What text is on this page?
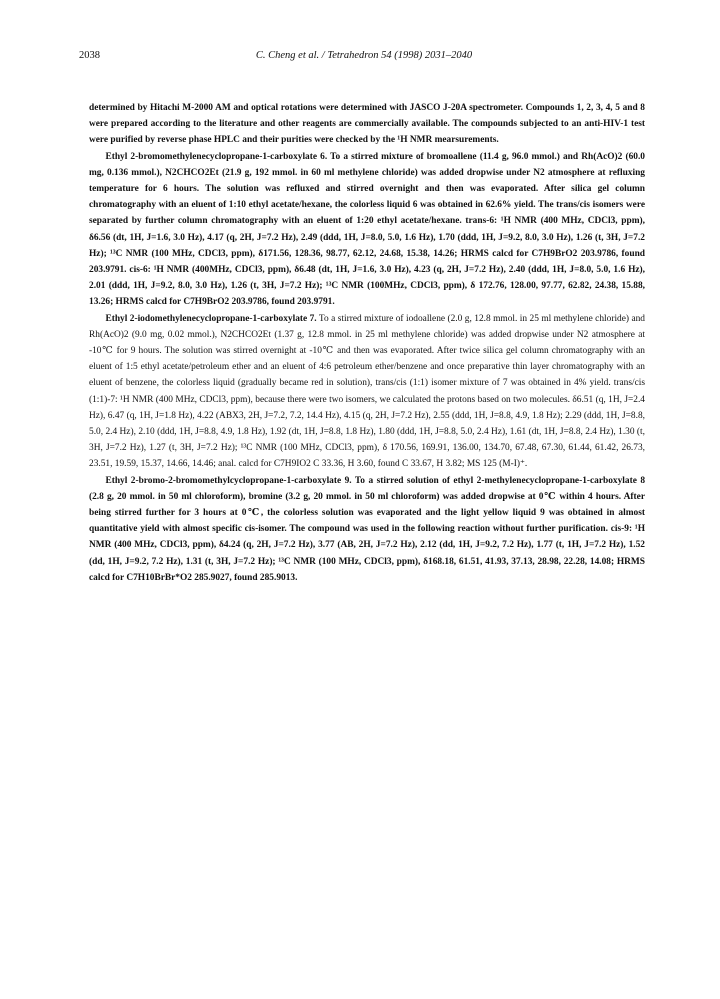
2038	C. Cheng et al. / Tetrahedron 54 (1998) 2031–2040

determined by Hitachi M-2000 AM and optical rotations were determined with JASCO J-20A spectrometer. Compounds 1, 2, 3, 4, 5 and 8 were prepared according to the literature and other reagents are commercially available. The compounds subjected to an anti-HIV-1 test were purified by reverse phase HPLC and their purities were checked by the ¹H NMR mearsurements.

Ethyl 2-bromomethylenecyclopropane-1-carboxylate 6. To a stirred mixture of bromoallene (11.4 g, 96.0 mmol.) and Rh(AcO)2 (60.0 mg, 0.136 mmol.), N2CHCO2Et (21.9 g, 192 mmol. in 60 ml methylene chloride) was added dropwise under N2 atmosphere at refluxing temperature for 6 hours. The solution was refluxed and stirred overnight and then was evaporated. After silica gel column chromatography with an eluent of 1:10 ethyl acetate/hexane, the colorless liquid 6 was obtained in 62.6% yield. The trans/cis isomers were separated by further column chromatography with an eluent of 1:20 ethyl acetate/hexane. trans-6: ¹H NMR (400 MHz, CDCl3, ppm), δ6.56 (dt, 1H, J=1.6, 3.0 Hz), 4.17 (q, 2H, J=7.2 Hz), 2.49 (ddd, 1H, J=8.0, 5.0, 1.6 Hz), 1.70 (ddd, 1H, J=9.2, 8.0, 3.0 Hz), 1.26 (t, 3H, J=7.2 Hz); ¹³C NMR (100 MHz, CDCl3, ppm), δ171.56, 128.36, 98.77, 62.12, 24.68, 15.38, 14.26; HRMS calcd for C7H9BrO2 203.9786, found 203.9791. cis-6: ¹H NMR (400MHz, CDCl3, ppm), δ6.48 (dt, 1H, J=1.6, 3.0 Hz), 4.23 (q, 2H, J=7.2 Hz), 2.40 (ddd, 1H, J=8.0, 5.0, 1.6 Hz), 2.01 (ddd, 1H, J=9.2, 8.0, 3.0 Hz), 1.26 (t, 3H, J=7.2 Hz); ¹³C NMR (100MHz, CDCl3, ppm), δ 172.76, 128.00, 97.77, 62.82, 24.38, 15.88, 13.26; HRMS calcd for C7H9BrO2 203.9786, found 203.9791.

Ethyl 2-iodomethylenecyclopropane-1-carboxylate 7. To a stirred mixture of iodoallene (2.0 g, 12.8 mmol. in 25 ml methylene chloride) and Rh(AcO)2 (9.0 mg, 0.02 mmol.), N2CHCO2Et (1.37 g, 12.8 mmol. in 25 ml methylene chloride) was added dropwise under N2 atmosphere at -10℃ for 9 hours. The solution was stirred overnight at -10℃ and then was evaporated. After twice silica gel column chromatography with an eluent of 1:5 ethyl acetate/petroleum ether and an eluent of 4:6 petroleum ether/benzene and once preparative thin layer chromatography with an eluent of benzene, the colorless liquid (gradually became red in solution), trans/cis (1:1) isomer mixture of 7 was obtained in 4% yield. trans/cis (1:1)-7: ¹H NMR (400 MHz, CDCl3, ppm), because there were two isomers, we calculated the protons based on two molecules. δ6.51 (q, 1H, J=2.4 Hz), 6.47 (q, 1H, J=1.8 Hz), 4.22 (ABX3, 2H, J=7.2, 7.2, 14.4 Hz), 4.15 (q, 2H, J=7.2 Hz), 2.55 (ddd, 1H, J=8.8, 4.9, 1.8 Hz); 2.29 (ddd, 1H, J=8.8, 5.0, 2.4 Hz), 2.10 (ddd, 1H, J=8.8, 4.9, 1.8 Hz), 1.92 (dt, 1H, J=8.8, 1.8 Hz), 1.80 (ddd, 1H, J=8.8, 5.0, 2.4 Hz), 1.61 (dt, 1H, J=8.8, 2.4 Hz), 1.30 (t, 3H, J=7.2 Hz), 1.27 (t, 3H, J=7.2 Hz); ¹³C NMR (100 MHz, CDCl3, ppm), δ 170.56, 169.91, 136.00, 134.70, 67.48, 67.30, 61.44, 61.42, 26.73, 23.51, 19.59, 15.37, 14.66, 14.46; anal. calcd for C7H9IO2 C 33.36, H 3.60, found C 33.67, H 3.82; MS 125 (M-I)⁺.

Ethyl 2-bromo-2-bromomethylcyclopropane-1-carboxylate 9. To a stirred solution of ethyl 2-methylenecyclopropane-1-carboxylate 8 (2.8 g, 20 mmol. in 50 ml chloroform), bromine (3.2 g, 20 mmol. in 50 ml chloroform) was added dropwise at 0℃ within 4 hours. After being stirred further for 3 hours at 0℃, the colorless solution was evaporated and the light yellow liquid 9 was obtained in almost quantitative yield with almost specific cis-isomer. The compound was used in the following reaction without further purification. cis-9: ¹H NMR (400 MHz, CDCl3, ppm), δ4.24 (q, 2H, J=7.2 Hz), 3.77 (AB, 2H, J=7.2 Hz), 2.12 (dd, 1H, J=9.2, 7.2 Hz), 1.77 (t, 1H, J=7.2 Hz), 1.52 (dd, 1H, J=9.2, 7.2 Hz), 1.31 (t, 3H, J=7.2 Hz); ¹³C NMR (100 MHz, CDCl3, ppm), δ168.18, 61.51, 41.93, 37.13, 28.98, 22.28, 14.08; HRMS calcd for C7H10BrBr*O2 285.9027, found 285.9013.
